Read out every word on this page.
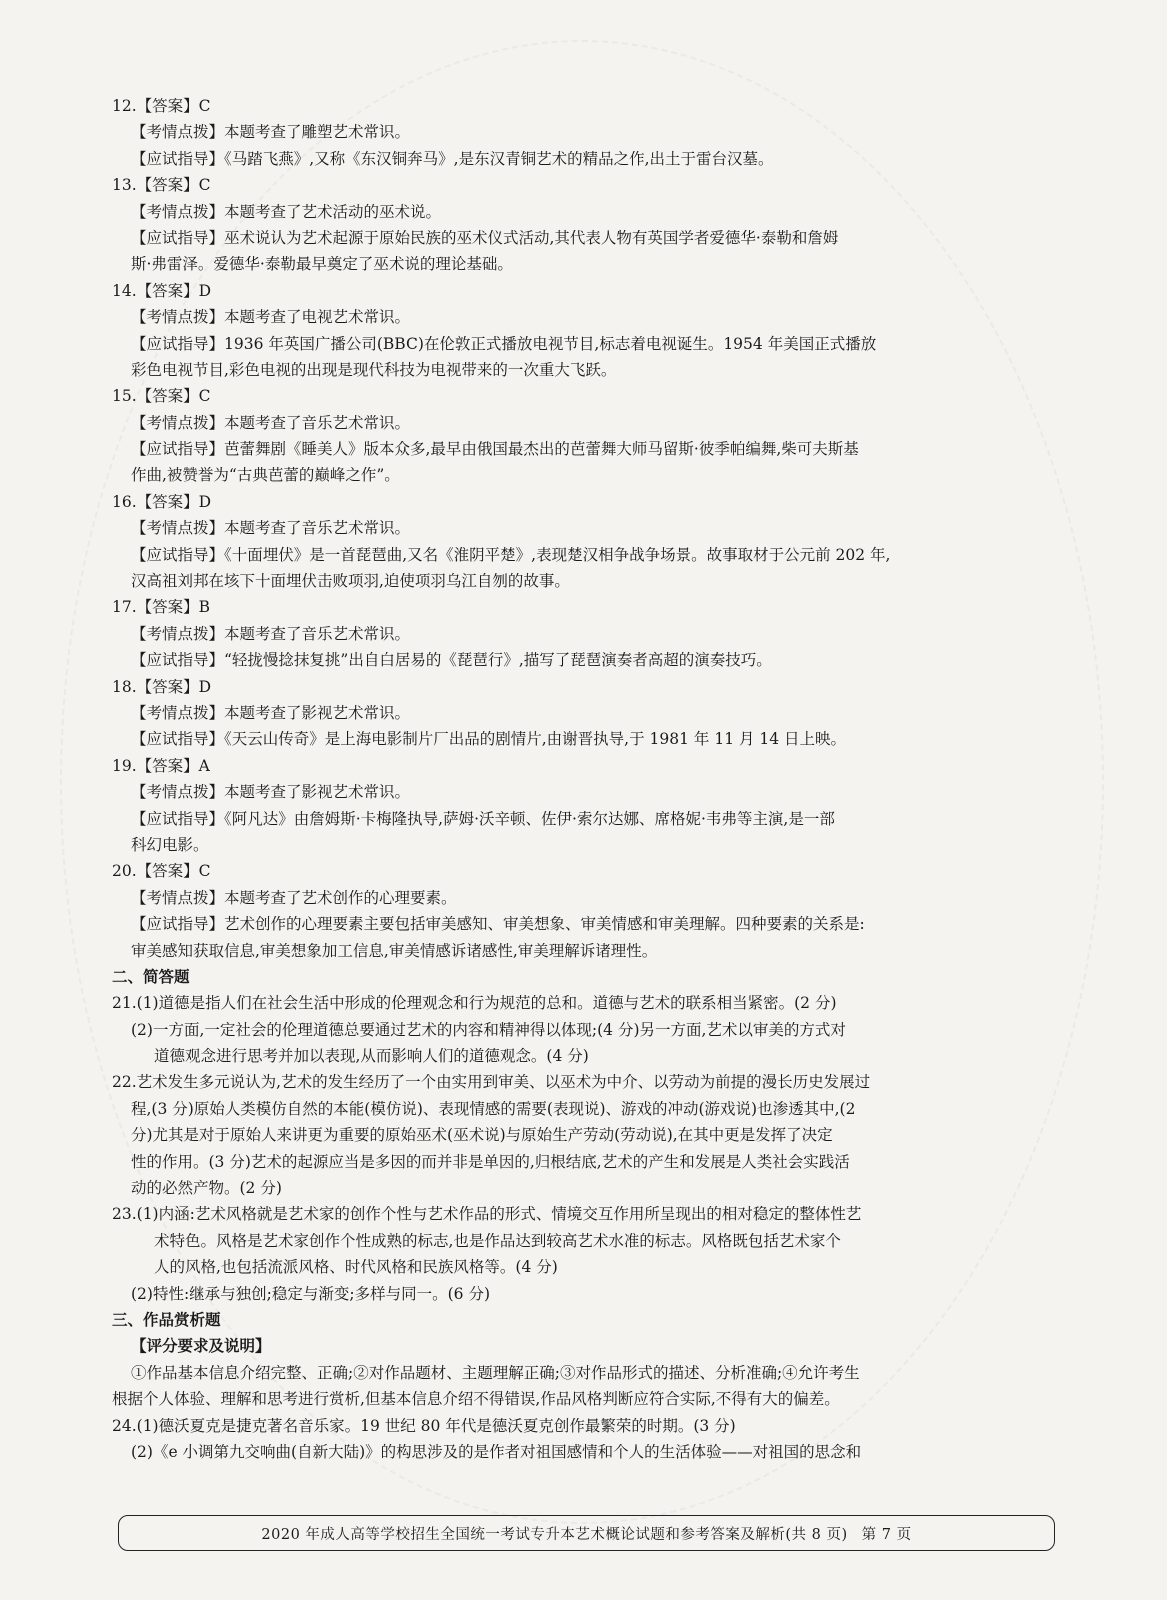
12.【答案】C
【考情点拨】本题考查了雕塑艺术常识。
【应试指导】《马踏飞燕》,又称《东汉铜奔马》,是东汉青铜艺术的精品之作,出土于雷台汉墓。
13.【答案】C
【考情点拨】本题考查了艺术活动的巫术说。
【应试指导】巫术说认为艺术起源于原始民族的巫术仪式活动,其代表人物有英国学者爱德华·泰勒和詹姆
斯·弗雷泽。爱德华·泰勒最早奠定了巫术说的理论基础。
14.【答案】D
【考情点拨】本题考查了电视艺术常识。
【应试指导】1936 年英国广播公司(BBC)在伦敦正式播放电视节目,标志着电视诞生。1954 年美国正式播放
彩色电视节目,彩色电视的出现是现代科技为电视带来的一次重大飞跃。
15.【答案】C
【考情点拨】本题考查了音乐艺术常识。
【应试指导】芭蕾舞剧《睡美人》版本众多,最早由俄国最杰出的芭蕾舞大师马留斯·彼季帕编舞,柴可夫斯基
作曲,被赞誉为“古典芭蕾的巅峰之作”。
16.【答案】D
【考情点拨】本题考查了音乐艺术常识。
【应试指导】《十面埋伏》是一首琵琶曲,又名《淮阴平楚》,表现楚汉相争战争场景。故事取材于公元前 202 年,
汉高祖刘邦在垓下十面埋伏击败项羽,迫使项羽乌江自刎的故事。
17.【答案】B
【考情点拨】本题考查了音乐艺术常识。
【应试指导】“轻拢慢捻抹复挑”出自白居易的《琵琶行》,描写了琵琶演奏者高超的演奏技巧。
18.【答案】D
【考情点拨】本题考查了影视艺术常识。
【应试指导】《天云山传奇》是上海电影制片厂出品的剧情片,由谢晋执导,于 1981 年 11 月 14 日上映。
19.【答案】A
【考情点拨】本题考查了影视艺术常识。
【应试指导】《阿凡达》由詹姆斯·卡梅隆执导,萨姆·沃辛顿、佐伊·索尔达娜、席格妮·韦弗等主演,是一部
科幻电影。
20.【答案】C
【考情点拨】本题考查了艺术创作的心理要素。
【应试指导】艺术创作的心理要素主要包括审美感知、审美想象、审美情感和审美理解。四种要素的关系是:
审美感知获取信息,审美想象加工信息,审美情感诉诸感性,审美理解诉诸理性。
二、简答题
21.(1)道德是指人们在社会生活中形成的伦理观念和行为规范的总和。道德与艺术的联系相当紧密。(2 分)
(2)一方面,一定社会的伦理道德总要通过艺术的内容和精神得以体现;(4 分)另一方面,艺术以审美的方式对
道德观念进行思考并加以表现,从而影响人们的道德观念。(4 分)
22.艺术发生多元说认为,艺术的发生经历了一个由实用到审美、以巫术为中介、以劳动为前提的漫长历史发展过
程,(3 分)原始人类模仿自然的本能(模仿说)、表现情感的需要(表现说)、游戏的冲动(游戏说)也渗透其中,(2
分)尤其是对于原始人来讲更为重要的原始巫术(巫术说)与原始生产劳动(劳动说),在其中更是发挥了决定
性的作用。(3 分)艺术的起源应当是多因的而并非是单因的,归根结底,艺术的产生和发展是人类社会实践活
动的必然产物。(2 分)
23.(1)内涵:艺术风格就是艺术家的创作个性与艺术作品的形式、情境交互作用所呈现出的相对稳定的整体性艺
术特色。风格是艺术家创作个性成熟的标志,也是作品达到较高艺术水准的标志。风格既包括艺术家个
人的风格,也包括流派风格、时代风格和民族风格等。(4 分)
(2)特性:继承与独创;稳定与渐变;多样与同一。(6 分)
三、作品赏析题
【评分要求及说明】
①作品基本信息介绍完整、正确;②对作品题材、主题理解正确;③对作品形式的描述、分析准确;④允许考生
根据个人体验、理解和思考进行赏析,但基本信息介绍不得错误,作品风格判断应符合实际,不得有大的偏差。
24.(1)德沃夏克是捷克著名音乐家。19 世纪 80 年代是德沃夏克创作最繁荣的时期。(3 分)
(2)《e 小调第九交响曲(自新大陆)》的构思涉及的是作者对祖国感情和个人的生活体验——对祖国的思念和
2020 年成人高等学校招生全国统一考试专升本艺术概论试题和参考答案及解析(共 8 页) 第 7 页
